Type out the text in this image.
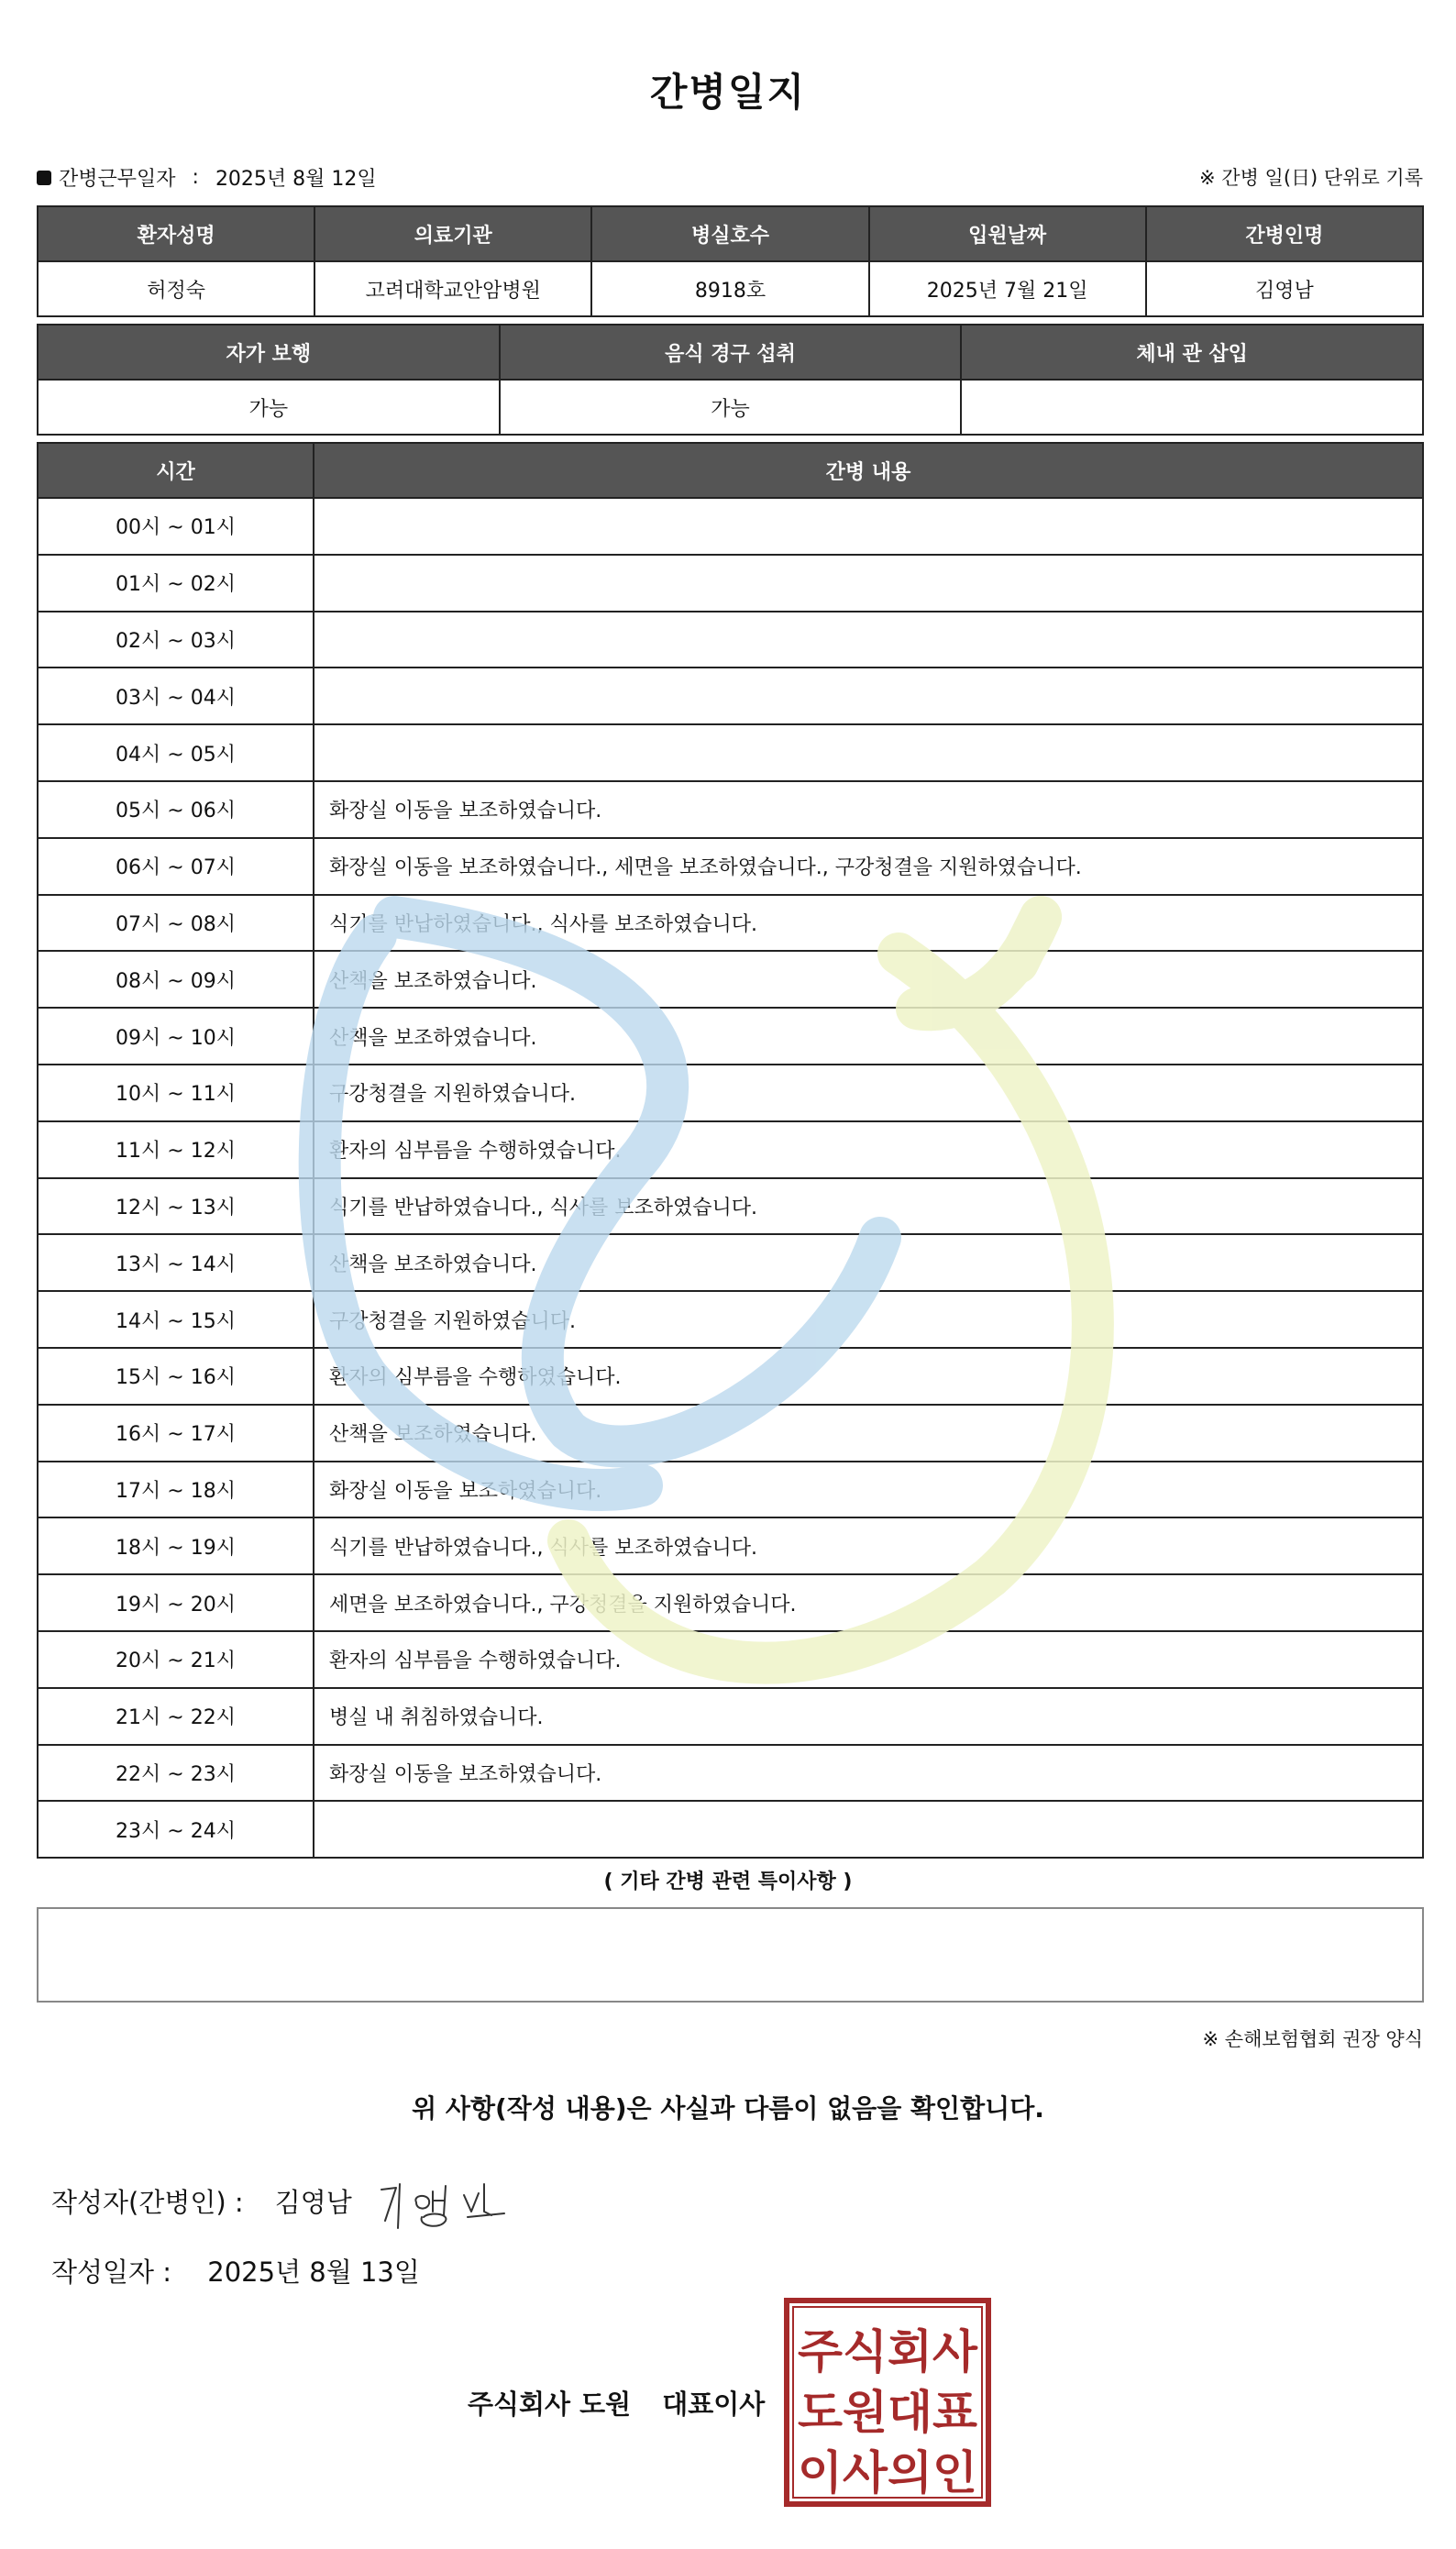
간병일지
간병근무일자 : 2025년 8월 12일	※ 간병 일(日) 단위로 기록
환자성명	의료기관	병실호수	입원날짜	간병인명
허정숙	고려대학교안암병원	8918호	2025년 7월 21일	김영남
자가 보행	음식 경구 섭취	체내 관 삽입
가능	가능	
시간	간병 내용
00시 ~ 01시	
01시 ~ 02시	
02시 ~ 03시	
03시 ~ 04시	
04시 ~ 05시	
05시 ~ 06시	화장실 이동을 보조하였습니다.
06시 ~ 07시	화장실 이동을 보조하였습니다., 세면을 보조하였습니다., 구강청결을 지원하였습니다.
07시 ~ 08시	식기를 반납하였습니다., 식사를 보조하였습니다.
08시 ~ 09시	산책을 보조하였습니다.
09시 ~ 10시	산책을 보조하였습니다.
10시 ~ 11시	구강청결을 지원하였습니다.
11시 ~ 12시	환자의 심부름을 수행하였습니다.
12시 ~ 13시	식기를 반납하였습니다., 식사를 보조하였습니다.
13시 ~ 14시	산책을 보조하였습니다.
14시 ~ 15시	구강청결을 지원하였습니다.
15시 ~ 16시	환자의 심부름을 수행하였습니다.
16시 ~ 17시	산책을 보조하였습니다.
17시 ~ 18시	화장실 이동을 보조하였습니다.
18시 ~ 19시	식기를 반납하였습니다., 식사를 보조하였습니다.
19시 ~ 20시	세면을 보조하였습니다., 구강청결을 지원하였습니다.
20시 ~ 21시	환자의 심부름을 수행하였습니다.
21시 ~ 22시	병실 내 취침하였습니다.
22시 ~ 23시	화장실 이동을 보조하였습니다.
23시 ~ 24시	
( 기타 간병 관련 특이사항 )
※ 손해보험협회 권장 양식
위 사항(작성 내용)은 사실과 다름이 없음을 확인합니다.
작성자(간병인) : 김영남
작성일자 : 2025년 8월 13일
주식회사 도원 대표이사
주식회사
도원대표
이사의인
